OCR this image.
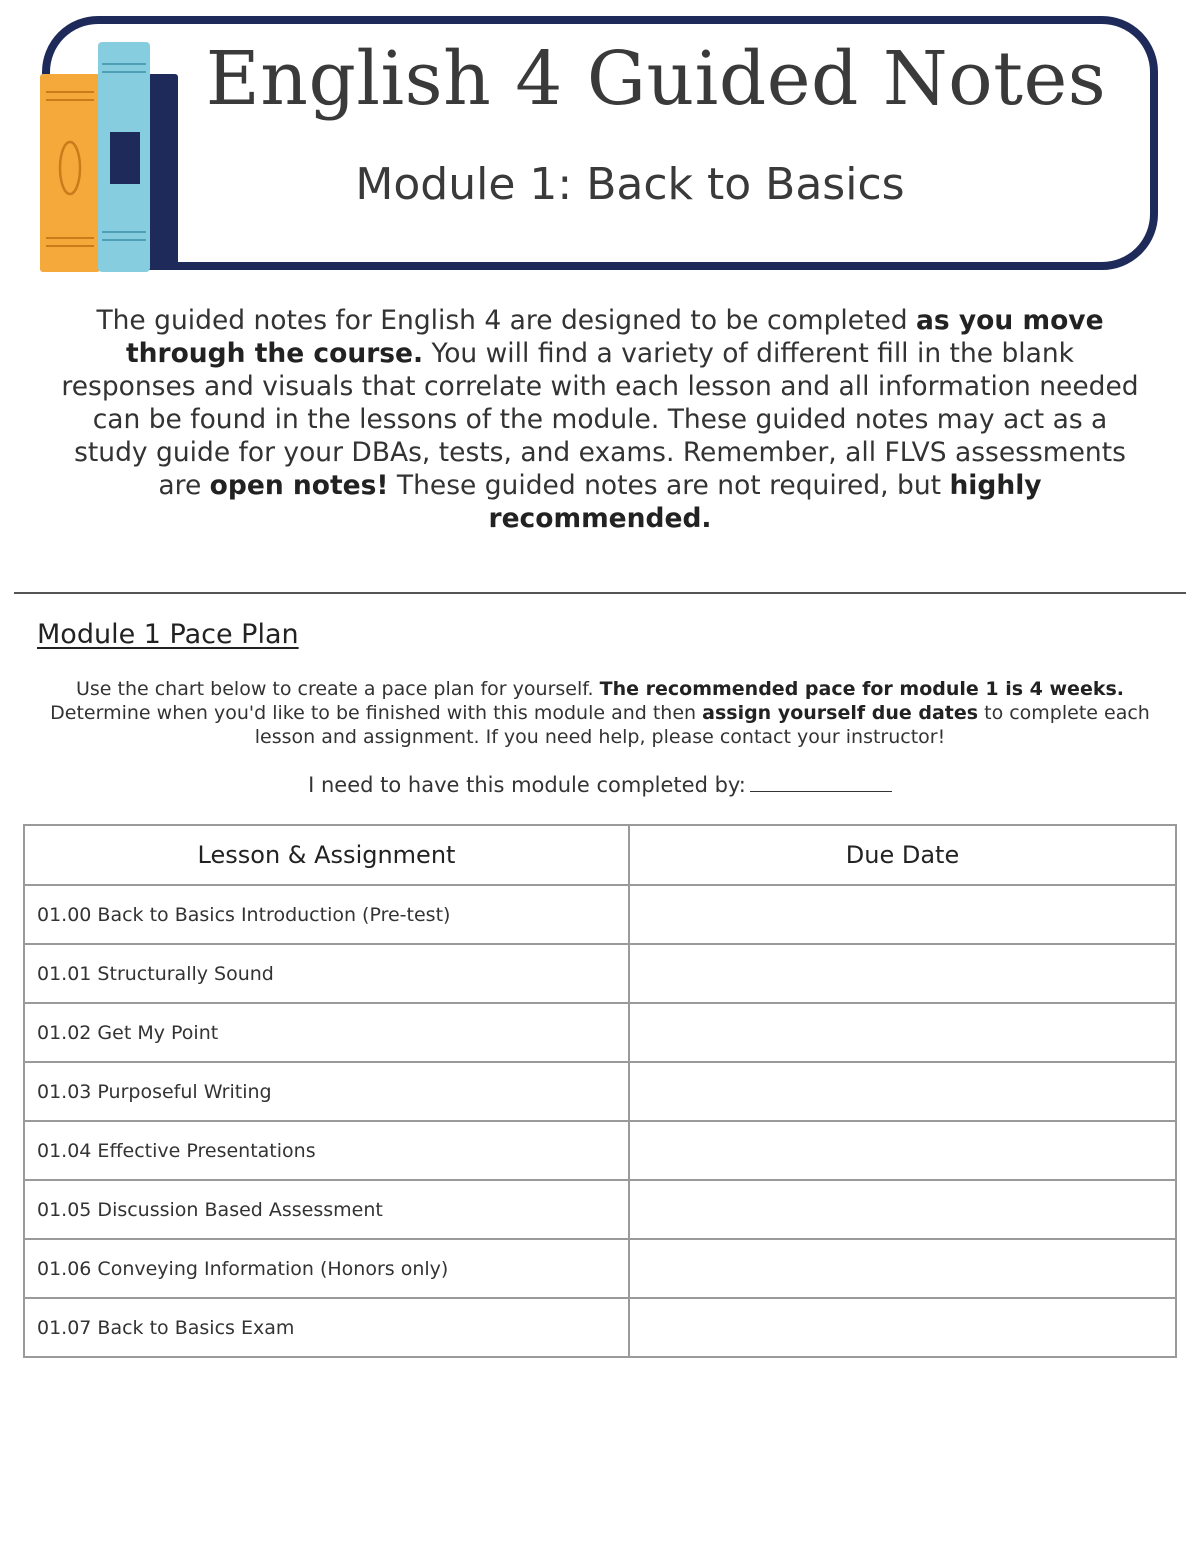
English 4 Guided Notes
Module 1: Back to Basics
The guided notes for English 4 are designed to be completed as you move through the course. You will find a variety of different fill in the blank responses and visuals that correlate with each lesson and all information needed can be found in the lessons of the module. These guided notes may act as a study guide for your DBAs, tests, and exams. Remember, all FLVS assessments are open notes! These guided notes are not required, but highly recommended.
Module 1 Pace Plan
Use the chart below to create a pace plan for yourself. The recommended pace for module 1 is 4 weeks. Determine when you'd like to be finished with this module and then assign yourself due dates to complete each lesson and assignment. If you need help, please contact your instructor!
I need to have this module completed by:
Lesson & Assignment	Due Date
01.00 Back to Basics Introduction (Pre-test)	
01.01 Structurally Sound	
01.02 Get My Point	
01.03 Purposeful Writing	
01.04 Effective Presentations	
01.05 Discussion Based Assessment	
01.06 Conveying Information (Honors only)	
01.07 Back to Basics Exam	
